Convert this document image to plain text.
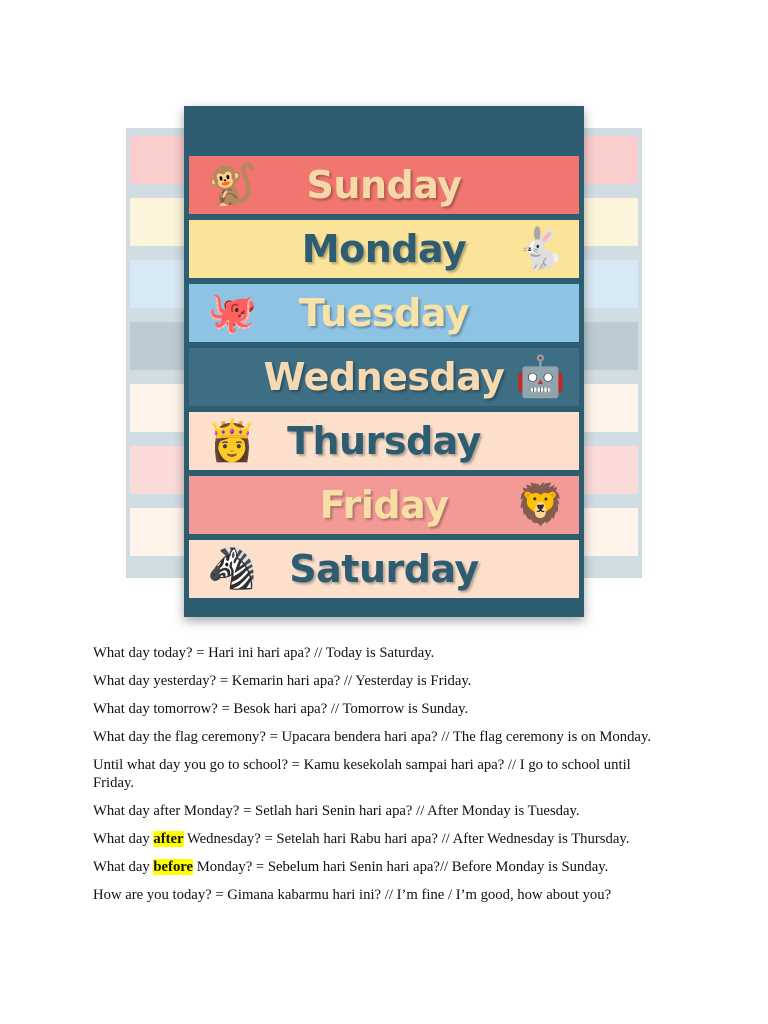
Days of the Week
Sunday
🐒
Monday 🐇
Tuesday
🐙
Wednesday 🤖
Thursday
👸
Friday 🦁
Saturday
🦓

What day today? = Hari ini hari apa? // Today is Saturday.

What day yesterday? = Kemarin hari apa? // Yesterday is Friday.

What day tomorrow? = Besok hari apa? // Tomorrow is Sunday.

What day the flag ceremony? = Upacara bendera hari apa? // The flag ceremony is on Monday.

Until what day you go to school? = Kamu kesekolah sampai hari apa? // I go to school until Friday.

What day after Monday? = Setlah hari Senin hari apa? // After Monday is Tuesday.

What day after Wednesday? = Setelah hari Rabu hari apa? // After Wednesday is Thursday.

What day before Monday? = Sebelum hari Senin hari apa?// Before Monday is Sunday.

How are you today? = Gimana kabarmu hari ini? // I’m fine / I’m good, how about you?
